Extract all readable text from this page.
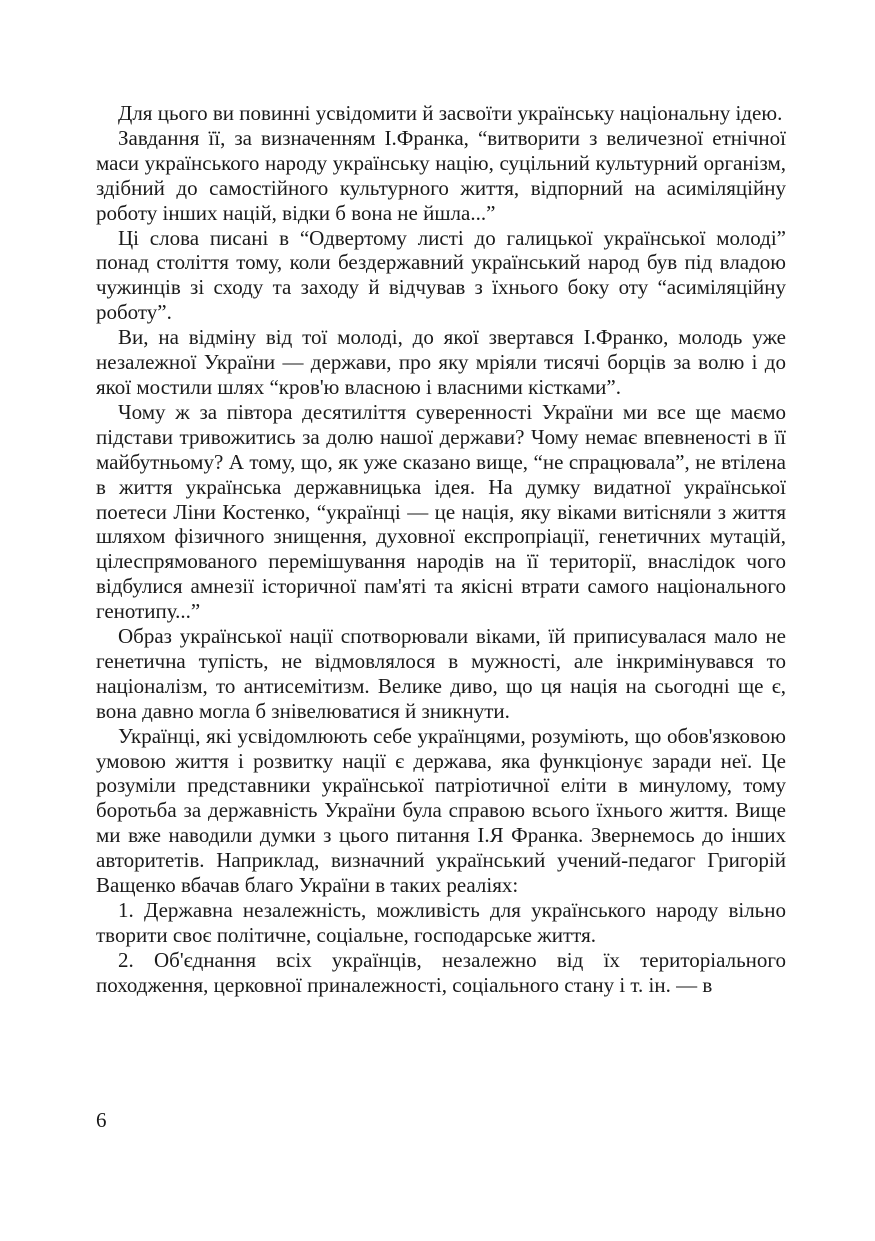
Для цього ви повинні усвідомити й засвоїти українську національну ідею.

Завдання її, за визначенням І.Франка, “витворити з величезної етнічної маси українського народу українську націю, суцільний культурний організм, здібний до самостійного культурного життя, відпорний на асиміляційну роботу інших націй, відки б вона не йшла...”

Ці слова писані в “Одвертому листі до галицької української молоді” понад століття тому, коли бездержавний український народ був під владою чужинців зі сходу та заходу й відчував з їхнього боку оту “асиміляційну роботу”.

Ви, на відміну від тої молоді, до якої звертався І.Франко, молодь уже незалежної України — держави, про яку мріяли тисячі борців за волю і до якої мостили шлях “кров'ю власною і власними кістками”.

Чому ж за півтора десятиліття суверенності України ми все ще маємо підстави тривожитись за долю нашої держави? Чому немає впевненості в її майбутньому? А тому, що, як уже сказано вище, “не спрацювала”, не втілена в життя українська державницька ідея. На думку видатної української поетеси Ліни Костенко, “українці — це нація, яку віками витісняли з життя шляхом фізичного знищення, духовної експропріації, генетичних мутацій, цілеспрямованого перемішування народів на її території, внаслідок чого відбулися амнезії історичної пам'яті та якісні втрати самого національного генотипу...”

Образ української нації спотворювали віками, їй приписувалася мало не генетична тупість, не відмовлялося в мужності, але інкримінувався то націоналізм, то антисемітизм. Велике диво, що ця нація на сьогодні ще є, вона давно могла б знівелюватися й зникнути.

Українці, які усвідомлюють себе українцями, розуміють, що обов'язковою умовою життя і розвитку нації є держава, яка функціонує заради неї. Це розуміли представники української патріотичної еліти в минулому, тому боротьба за державність України була справою всього їхнього життя. Вище ми вже наводили думки з цього питання І.Я Франка. Звернемось до інших авторитетів. Наприклад, визначний український учений-педагог Григорій Ващенко вбачав благо України в таких реаліях:

1. Державна незалежність, можливість для українського народу вільно творити своє політичне, соціальне, господарське життя.

2. Об'єднання всіх українців, незалежно від їх територіального походження, церковної приналежності, соціального стану і т. ін. — в

6
